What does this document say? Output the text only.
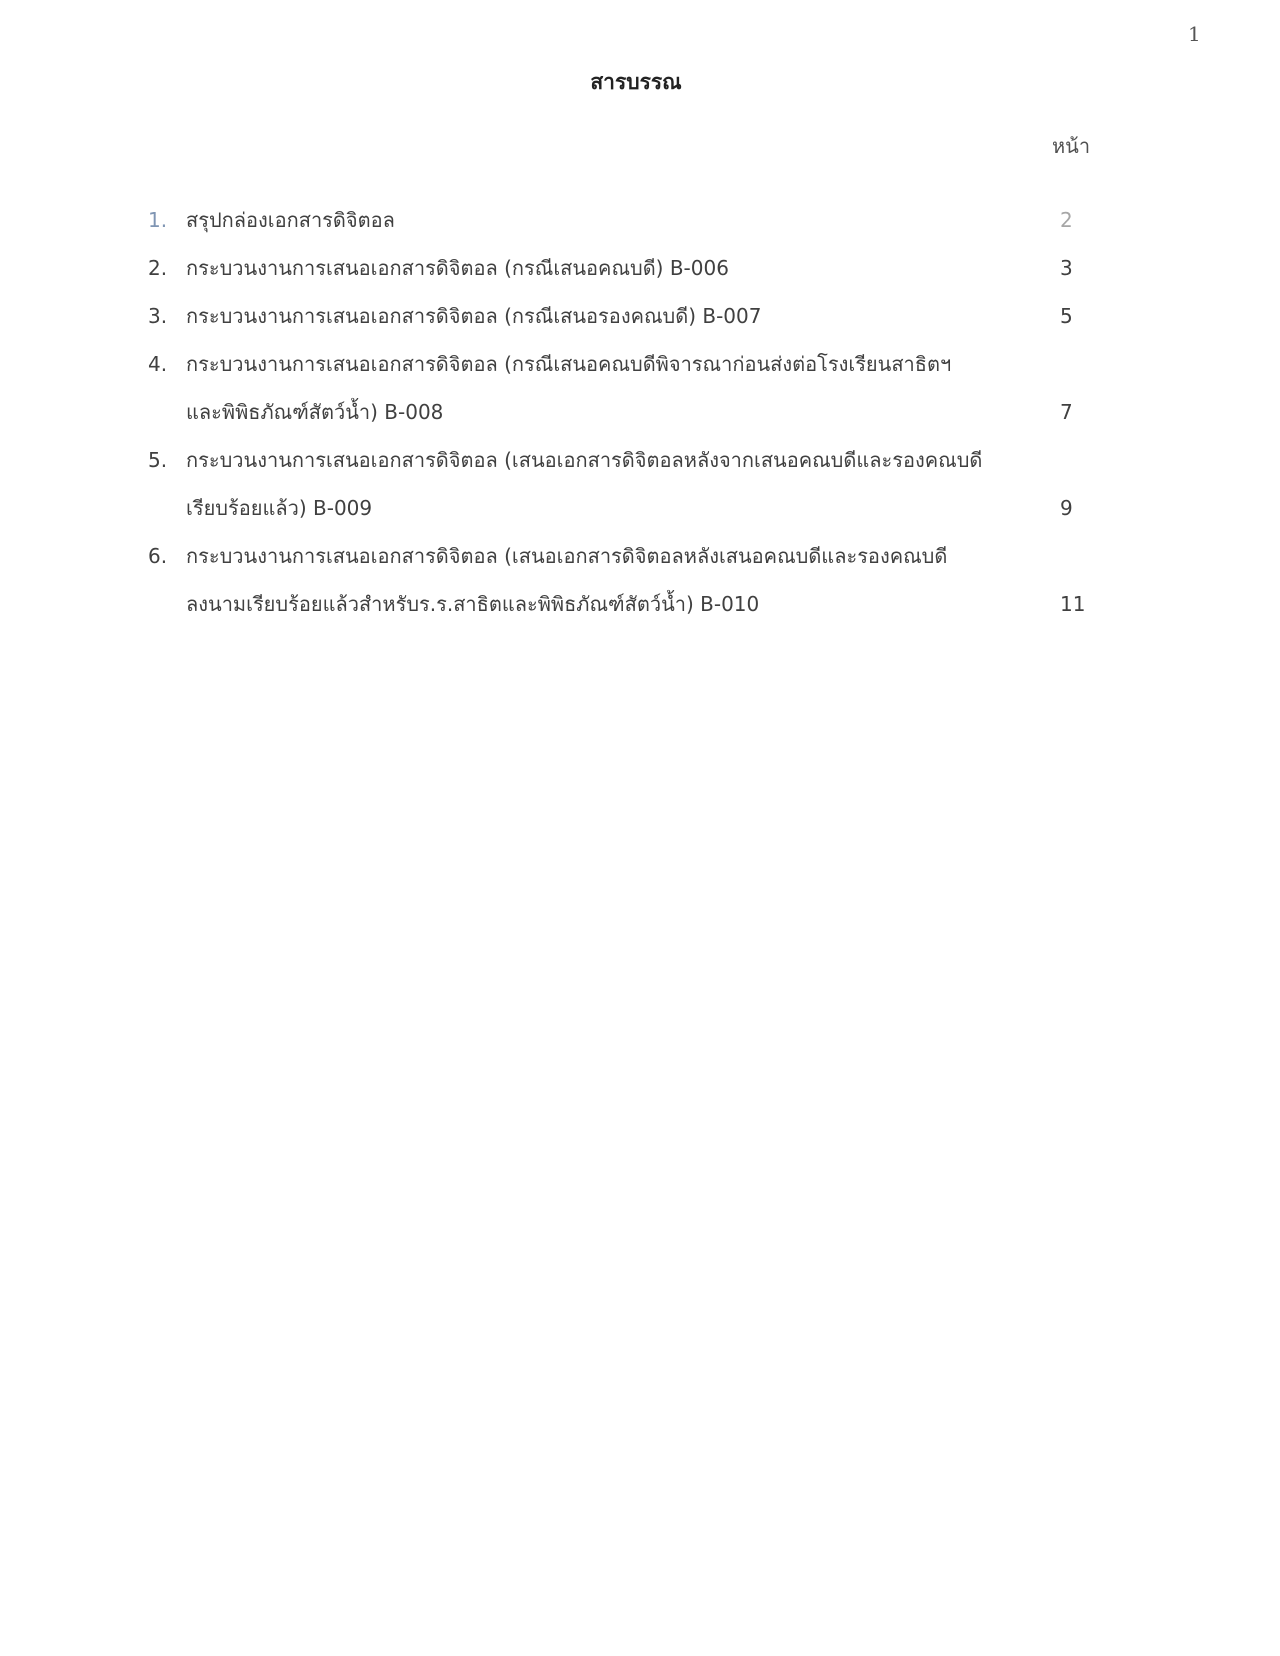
1
สารบรรณ
หน้า
1. สรุปกล่องเอกสารดิจิตอล	2
2. กระบวนงานการเสนอเอกสารดิจิตอล (กรณีเสนอคณบดี) B-006	3
3. กระบวนงานการเสนอเอกสารดิจิตอล (กรณีเสนอรองคณบดี) B-007	5
4. กระบวนงานการเสนอเอกสารดิจิตอล (กรณีเสนอคณบดีพิจารณาก่อนส่งต่อโรงเรียนสาธิตฯ
และพิพิธภัณฑ์สัตว์น้ำ) B-008	7
5. กระบวนงานการเสนอเอกสารดิจิตอล (เสนอเอกสารดิจิตอลหลังจากเสนอคณบดีและรองคณบดี
เรียบร้อยแล้ว) B-009	9
6. กระบวนงานการเสนอเอกสารดิจิตอล (เสนอเอกสารดิจิตอลหลังเสนอคณบดีและรองคณบดี
ลงนามเรียบร้อยแล้วสำหรับร.ร.สาธิตและพิพิธภัณฑ์สัตว์น้ำ) B-010	11
